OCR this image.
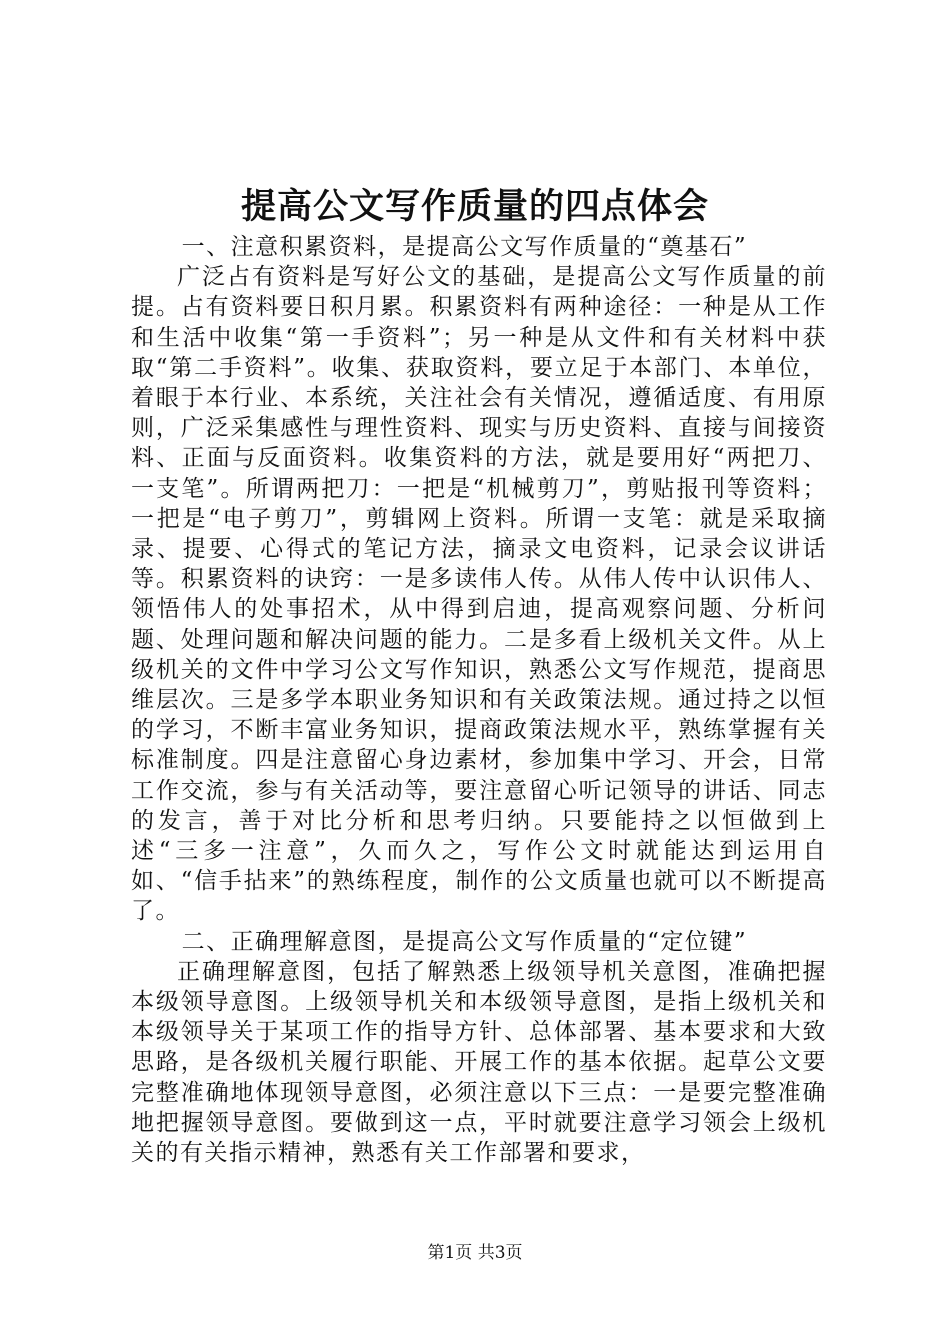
提高公文写作质量的四点体会

一、注意积累资料，是提高公文写作质量的“奠基石”

广泛占有资料是写好公文的基础，是提高公文写作质量的前提。占有资料要日积月累。积累资料有两种途径：一种是从工作和生活中收集“第一手资料”；另一种是从文件和有关材料中获取“第二手资料”。收集、获取资料，要立足于本部门、本单位，着眼于本行业、本系统，关注社会有关情况，遵循适度、有用原则，广泛采集感性与理性资料、现实与历史资料、直接与间接资料、正面与反面资料。收集资料的方法，就是要用好“两把刀、一支笔”。所谓两把刀：一把是“机械剪刀”，剪贴报刊等资料；一把是“电子剪刀”，剪辑网上资料。所谓一支笔：就是采取摘录、提要、心得式的笔记方法，摘录文电资料，记录会议讲话等。积累资料的诀窍：一是多读伟人传。从伟人传中认识伟人、领悟伟人的处事招术，从中得到启迪，提高观察问题、分析问题、处理问题和解决问题的能力。二是多看上级机关文件。从上级机关的文件中学习公文写作知识，熟悉公文写作规范，提商思维层次。三是多学本职业务知识和有关政策法规。通过持之以恒的学习，不断丰富业务知识，提商政策法规水平，熟练掌握有关标准制度。四是注意留心身边素材，参加集中学习、开会，日常工作交流，参与有关活动等，要注意留心听记领导的讲话、同志的发言，善于对比分析和思考归纳。只要能持之以恒做到上述“三多一注意”，久而久之，写作公文时就能达到运用自如、“信手拈来”的熟练程度，制作的公文质量也就可以不断提高了。

二、正确理解意图，是提高公文写作质量的“定位键”

正确理解意图，包括了解熟悉上级领导机关意图，准确把握本级领导意图。上级领导机关和本级领导意图，是指上级机关和本级领导关于某项工作的指导方针、总体部署、基本要求和大致思路，是各级机关履行职能、开展工作的基本依据。起草公文要完整准确地体现领导意图，必须注意以下三点：一是要完整准确地把握领导意图。要做到这一点，平时就要注意学习领会上级机关的有关指示精神，熟悉有关工作部署和要求，

第1页 共3页
